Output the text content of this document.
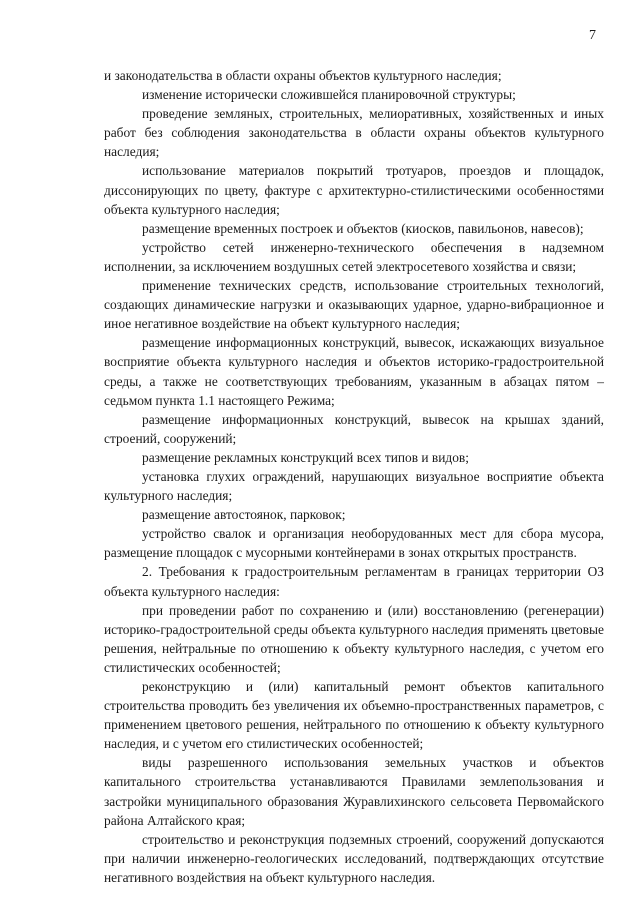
7

и законодательства в области охраны объектов культурного наследия;

изменение исторически сложившейся планировочной структуры;

проведение земляных, строительных, мелиоративных, хозяйственных и иных работ без соблюдения законодательства в области охраны объектов культурного наследия;

использование материалов покрытий тротуаров, проездов и площадок, диссонирующих по цвету, фактуре с архитектурно-стилистическими особенностями объекта культурного наследия;

размещение временных построек и объектов (киосков, павильонов, навесов);

устройство сетей инженерно-технического обеспечения в надземном исполнении, за исключением воздушных сетей электросетевого хозяйства и связи;

применение технических средств, использование строительных технологий, создающих динамические нагрузки и оказывающих ударное, ударно-вибрационное и иное негативное воздействие на объект культурного наследия;

размещение информационных конструкций, вывесок, искажающих визуальное восприятие объекта культурного наследия и объектов историко-градостроительной среды, а также не соответствующих требованиям, указанным в абзацах пятом – седьмом пункта 1.1 настоящего Режима;

размещение информационных конструкций, вывесок на крышах зданий, строений, сооружений;

размещение рекламных конструкций всех типов и видов;

установка глухих ограждений, нарушающих визуальное восприятие объекта культурного наследия;

размещение автостоянок, парковок;

устройство свалок и организация необорудованных мест для сбора мусора, размещение площадок с мусорными контейнерами в зонах открытых пространств.

2. Требования к градостроительным регламентам в границах территории ОЗ объекта культурного наследия:

при проведении работ по сохранению и (или) восстановлению (регенерации) историко-градостроительной среды объекта культурного наследия применять цветовые решения, нейтральные по отношению к объекту культурного наследия, с учетом его стилистических особенностей;

реконструкцию и (или) капитальный ремонт объектов капитального строительства проводить без увеличения их объемно-пространственных параметров, с применением цветового решения, нейтрального по отношению к объекту культурного наследия, и с учетом его стилистических особенностей;

виды разрешенного использования земельных участков и объектов капитального строительства устанавливаются Правилами землепользования и застройки муниципального образования Журавлихинского сельсовета Первомайского района Алтайского края;

строительство и реконструкция подземных строений, сооружений допускаются при наличии инженерно-геологических исследований, подтверждающих отсутствие негативного воздействия на объект культурного наследия.
